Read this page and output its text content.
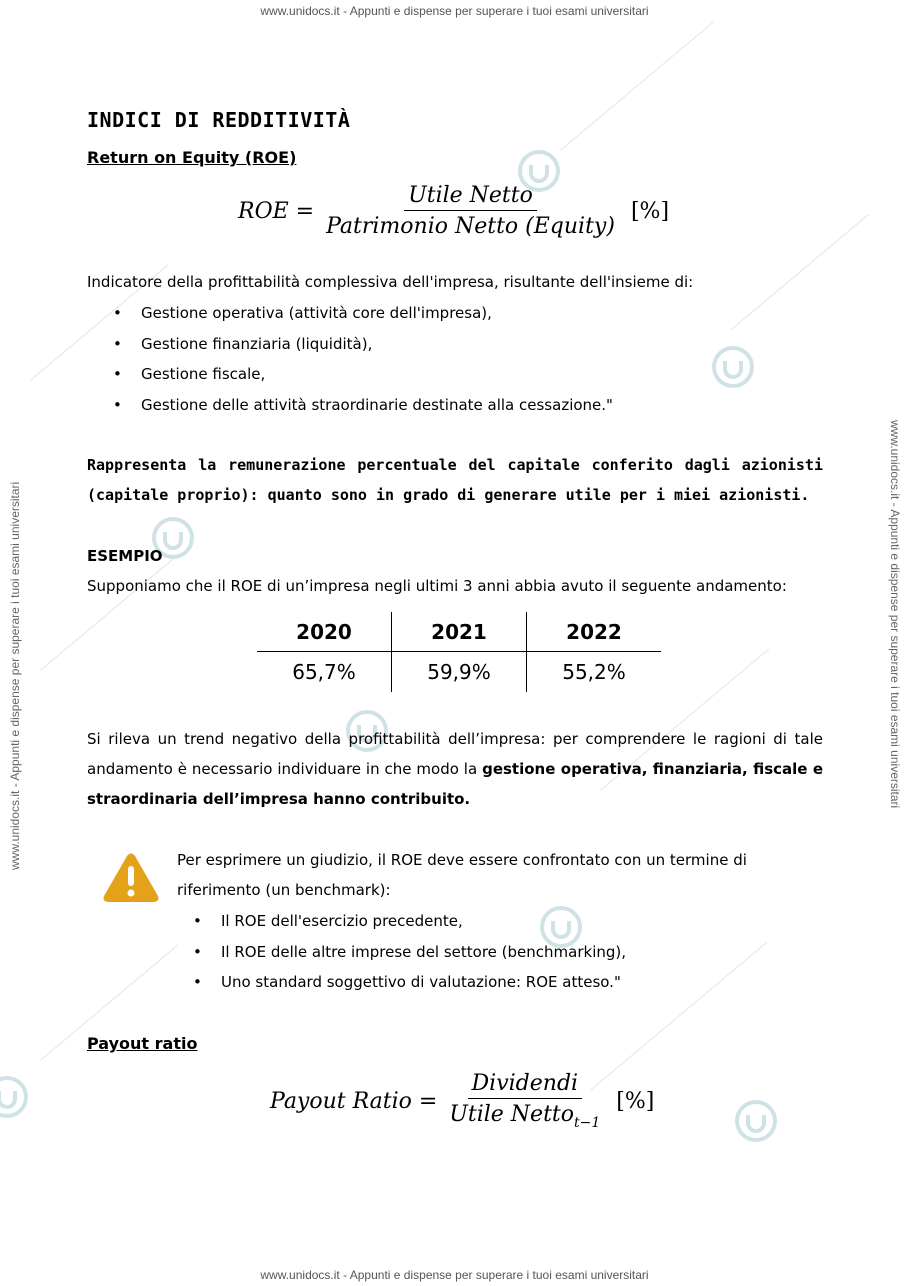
www.unidocs.it - Appunti e dispense per superare i tuoi esami universitari
www.unidocs.it - Appunti e dispense per superare i tuoi esami universitari
www.unidocs.it - Appunti e dispense per superare i tuoi esami universitari	www.unidocs.it - Appunti e dispense per superare i tuoi esami universitari
INDICI DI REDDITIVITÀ
Return on Equity (ROE)
ROE = $\frac{\text{Utile Netto}}{\text{Patrimonio Netto (Equity)}}$ [%]

Indicatore della profittabilità complessiva dell'impresa, risultante dell'insieme di:

• Gestione operativa (attività core dell'impresa),
• Gestione finanziaria (liquidità),
• Gestione fiscale,
• Gestione delle attività straordinarie destinate alla cessazione."

Rappresenta la remunerazione percentuale del capitale conferito dagli azionisti (capitale proprio): quanto sono in grado di generare utile per i miei azionisti.

ESEMPIO

Supponiamo che il ROE di un’impresa negli ultimi 3 anni abbia avuto il seguente andamento:

2020	2021	2022
65,7%	59,9%	55,2%

Si rileva un trend negativo della profittabilità dell’impresa: per comprendere le ragioni di tale andamento è necessario individuare in che modo la gestione operativa, finanziaria, fiscale e straordinaria dell’impresa hanno contribuito.

Per esprimere un giudizio, il ROE deve essere confrontato con un termine di riferimento (un benchmark):

• Il ROE dell'esercizio precedente,
• Il ROE delle altre imprese del settore (benchmarking),
• Uno standard soggettivo di valutazione: ROE atteso."
Payout ratio
Payout Ratio = $\frac{\text{Dividendi}}{Utile Netto_{t-1}}$ [%]
